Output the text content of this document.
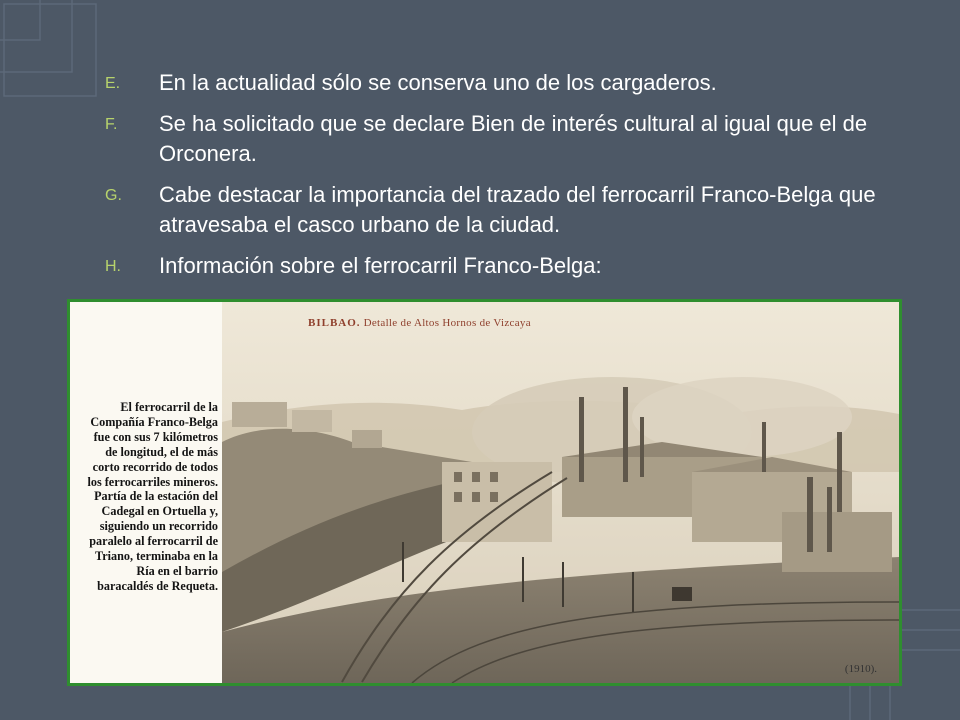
E.	En la actualidad sólo se conserva uno de los cargaderos.
F.	Se ha solicitado que se declare Bien de interés cultural al igual que el de Orconera.
G.	Cabe destacar la importancia del trazado del ferrocarril Franco-Belga que atravesaba el casco urbano de la ciudad.
H.	Información sobre el ferrocarril Franco-Belga:
El ferrocarril de la Compañía Franco-Belga fue con sus 7 kilómetros de longitud, el de más corto recorrido de todos los ferrocarriles mineros. Partía de la estación del Cadegal en Ortuella y, siguiendo un recorrido paralelo al ferrocarril de Triano, terminaba en la Ría en el barrio baracaldés de Requeta.
BILBAO. Detalle de Altos Hornos de Vizcaya
(1910).
